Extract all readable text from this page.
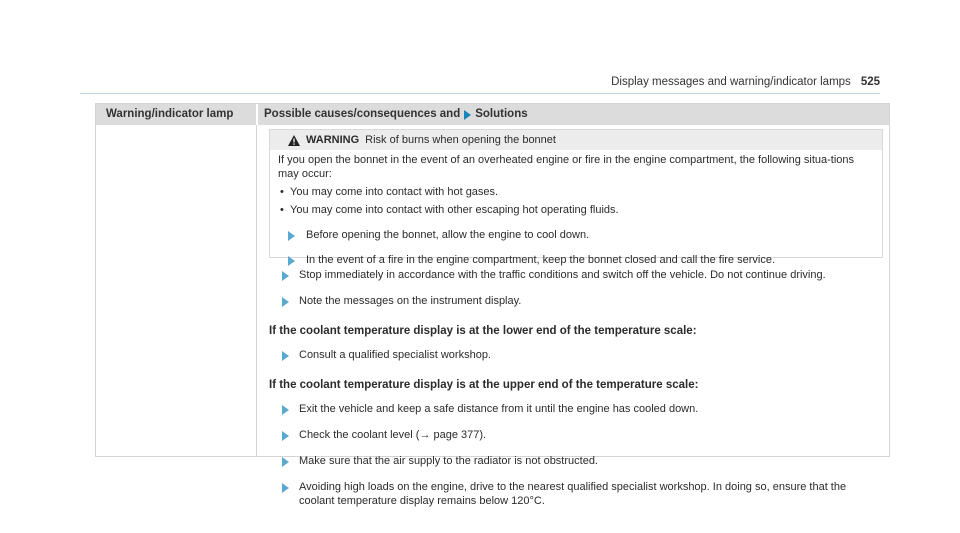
Display messages and warning/indicator lamps 525
Warning/indicator lamp	Possible causes/consequences and Solutions
WARNING Risk of burns when opening the bonnet
If you open the bonnet in the event of an overheated engine or fire in the engine compartment, the following situa-tions may occur:
• You may come into contact with hot gases.
• You may come into contact with other escaping hot operating fluids.
Before opening the bonnet, allow the engine to cool down.
In the event of a fire in the engine compartment, keep the bonnet closed and call the fire service.
Stop immediately in accordance with the traffic conditions and switch off the vehicle. Do not continue driving.
Note the messages on the instrument display.
If the coolant temperature display is at the lower end of the temperature scale:
Consult a qualified specialist workshop.
If the coolant temperature display is at the upper end of the temperature scale:
Exit the vehicle and keep a safe distance from it until the engine has cooled down.
Check the coolant level (→ page 377).
Make sure that the air supply to the radiator is not obstructed.
Avoiding high loads on the engine, drive to the nearest qualified specialist workshop. In doing so, ensure that the coolant temperature display remains below 120°C.
